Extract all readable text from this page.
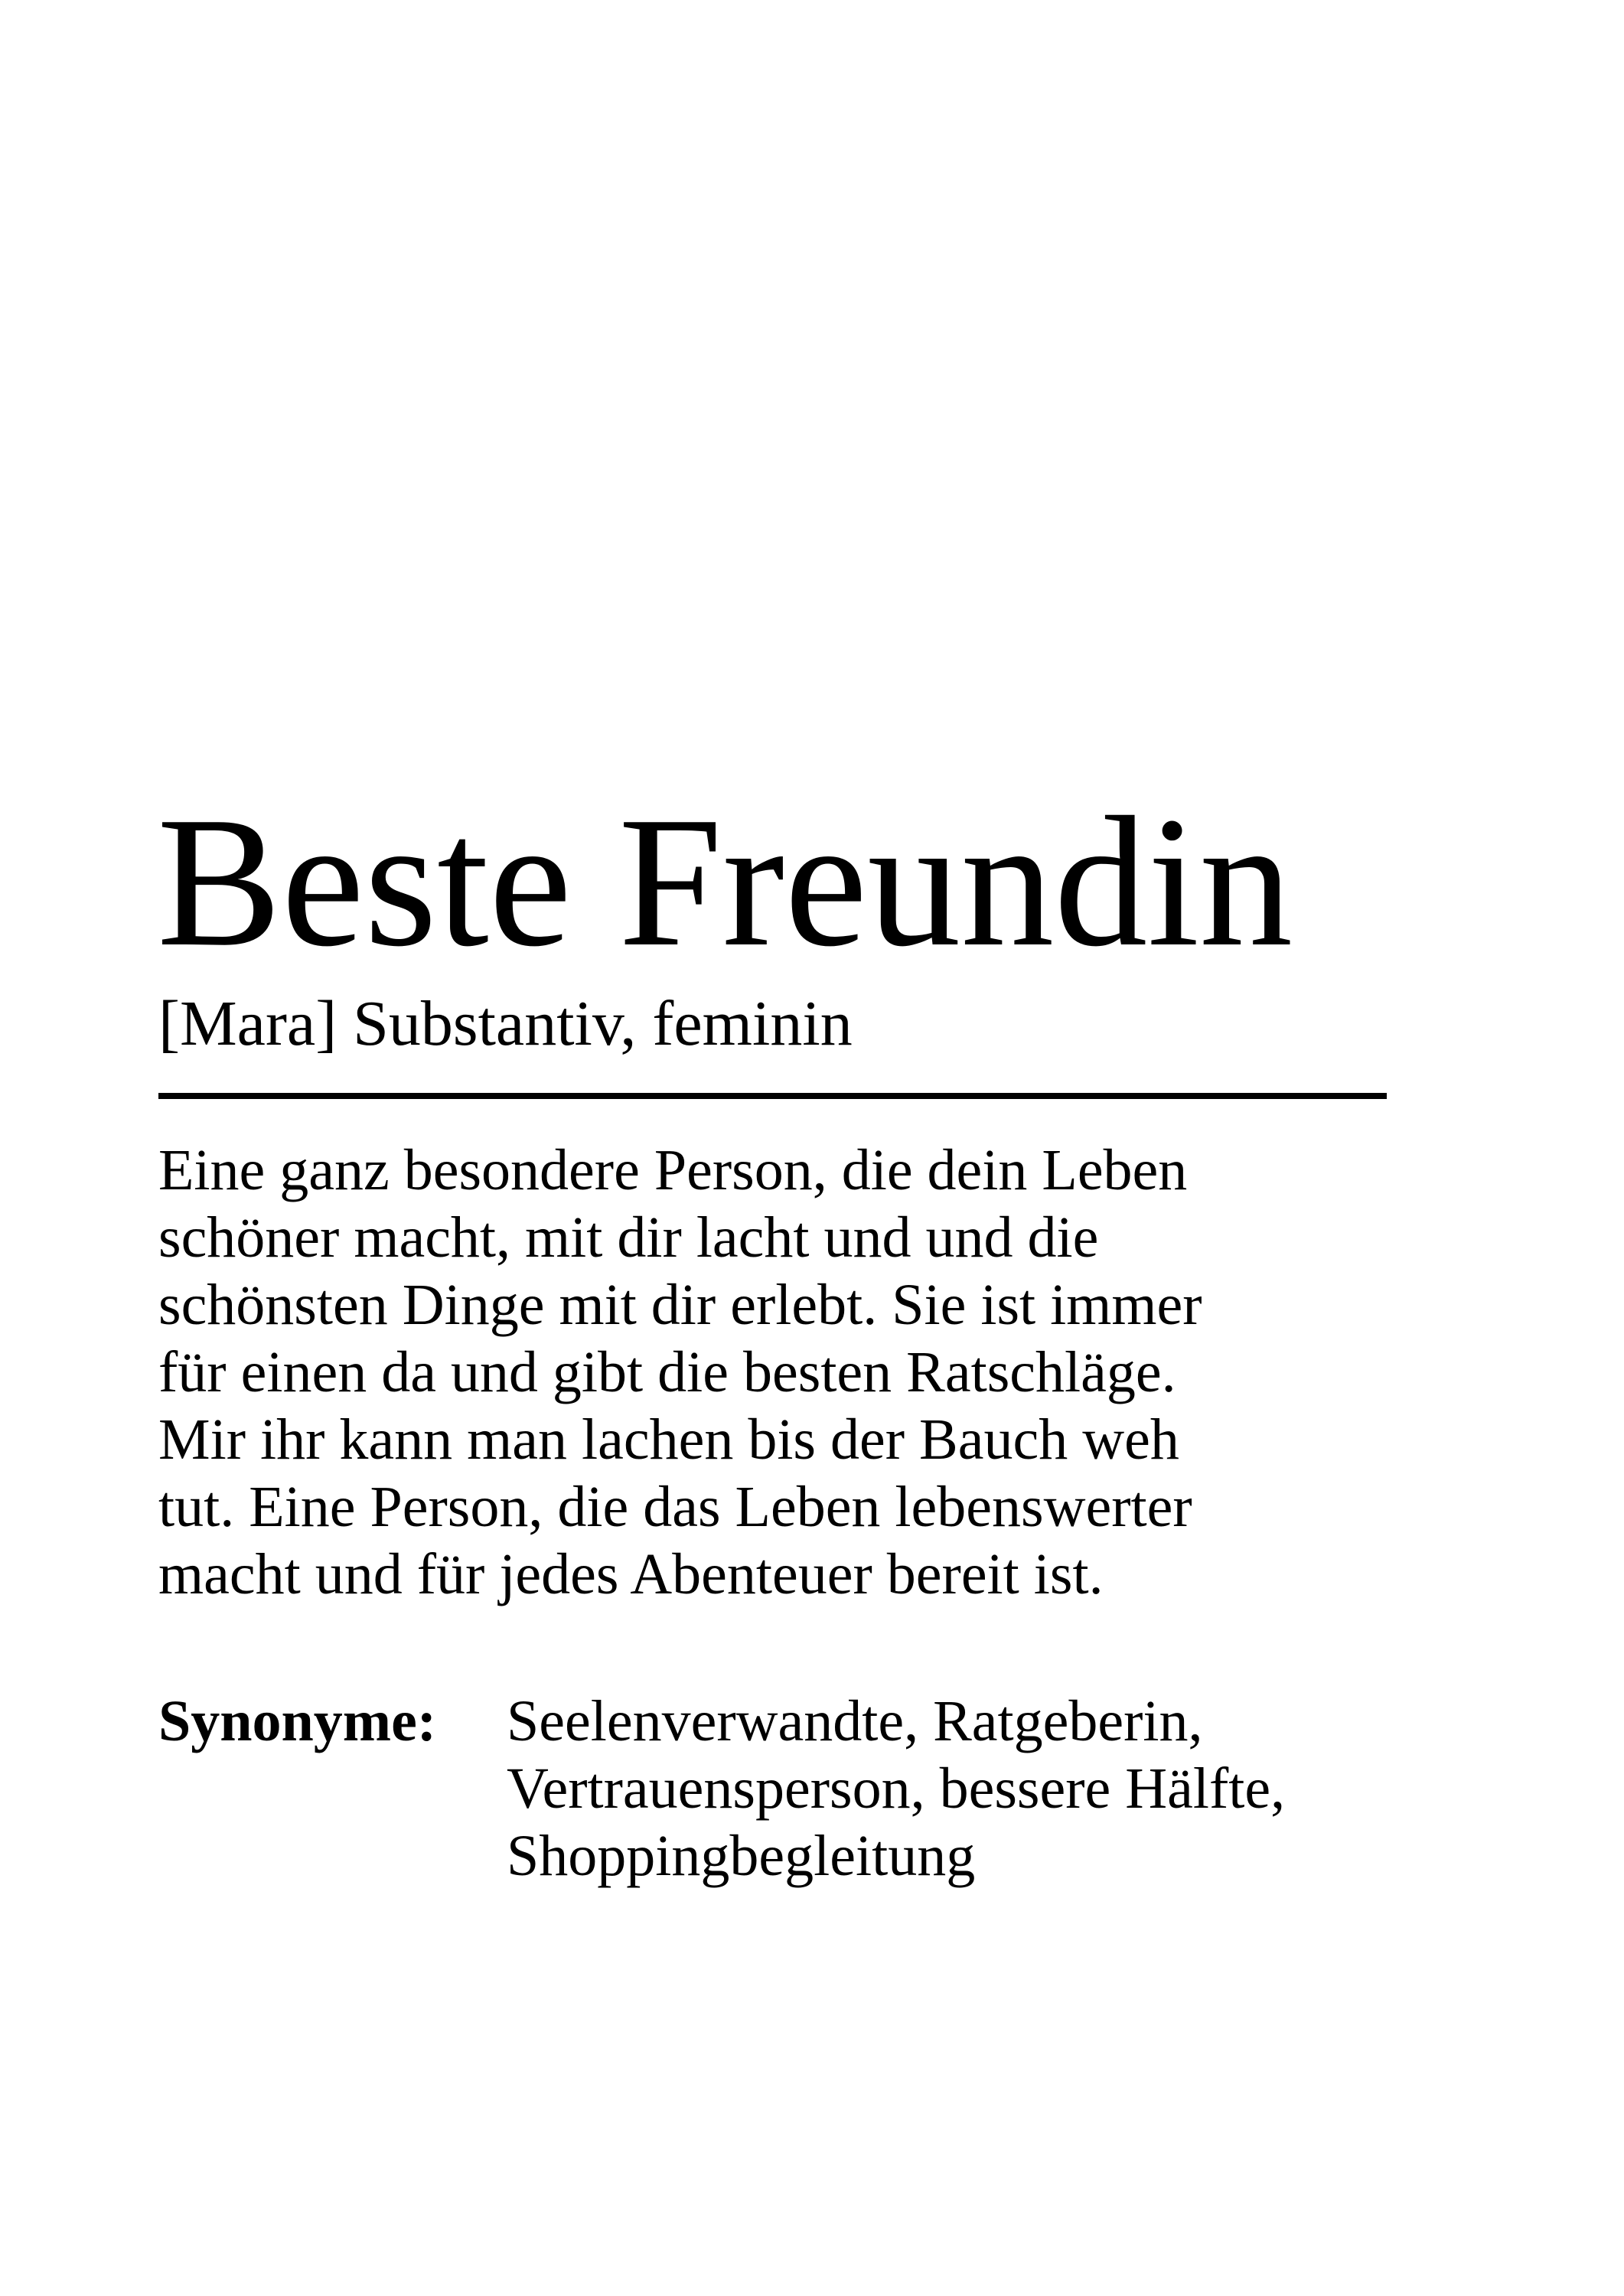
Beste Freundin
[Mara] Substantiv, feminin

Eine ganz besondere Person, die dein Leben
schöner macht, mit dir lacht und und die
schönsten Dinge mit dir erlebt. Sie ist immer
für einen da und gibt die besten Ratschläge.
Mir ihr kann man lachen bis der Bauch weh
tut. Eine Person, die das Leben lebenswerter
macht und für jedes Abenteuer bereit ist.

Synonyme: Seelenverwandte, Ratgeberin,
Vertrauensperson, bessere Hälfte,
Shoppingbegleitung
